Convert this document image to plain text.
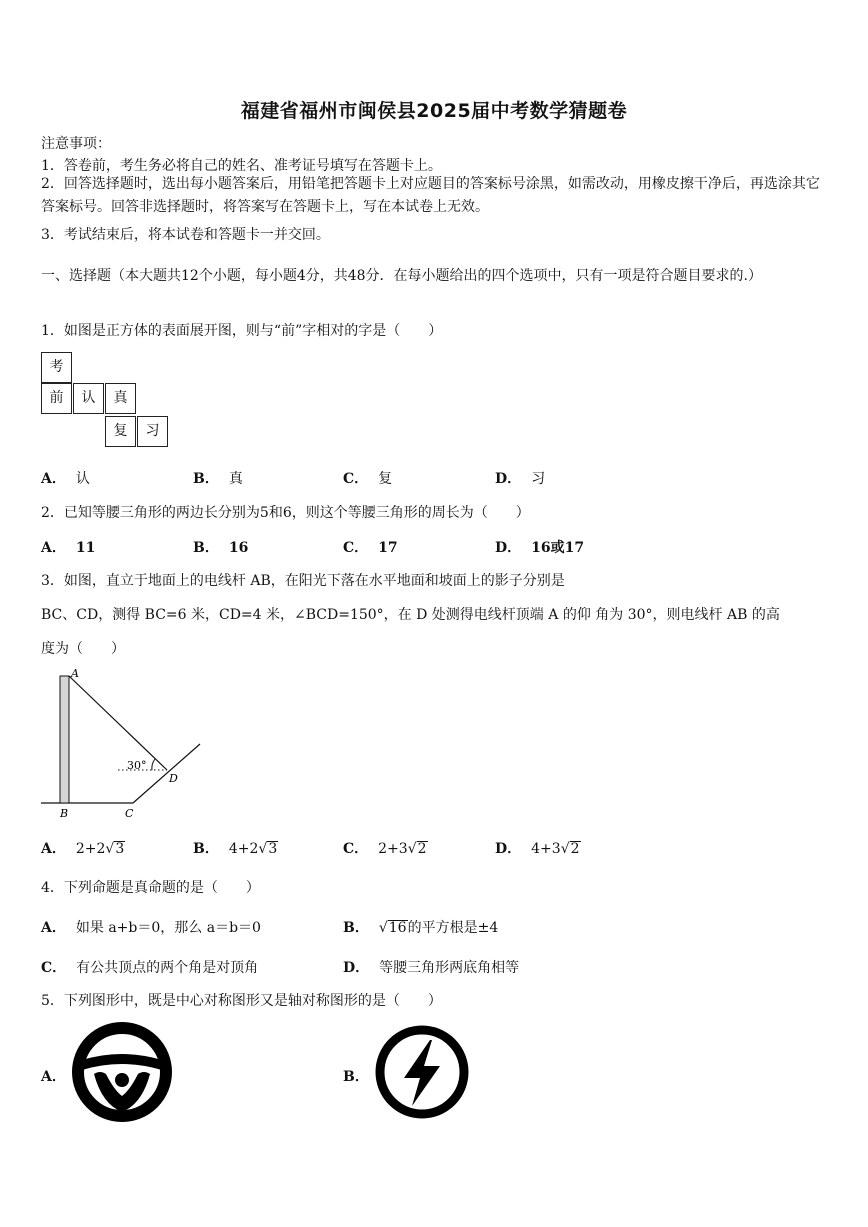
福建省福州市闽侯县2025届中考数学猜题卷
注意事项：
1．答卷前，考生务必将自己的姓名、准考证号填写在答题卡上。
2．回答选择题时，选出每小题答案后，用铅笔把答题卡上对应题目的答案标号涂黑，如需改动，用橡皮擦干净后，再选涂其它答案标号。回答非选择题时，将答案写在答题卡上，写在本试卷上无效。
3．考试结束后，将本试卷和答题卡一并交回。
一、选择题（本大题共12个小题，每小题4分，共48分．在每小题给出的四个选项中，只有一项是符合题目要求的.）
1．如图是正方体的表面展开图，则与“前”字相对的字是（　　）
考
前	认	真
复	习
A． 认	B． 真	C． 复	D． 习
2．已知等腰三角形的两边长分别为5和6，则这个等腰三角形的周长为（　　）
A． 11	B． 16	C． 17	D． 16或17
3．如图，直立于地面上的电线杆 AB，在阳光下落在水平地面和坡面上的影子分别是
BC、CD，测得 BC=6 米，CD=4 米，∠BCD=150°，在 D 处测得电线杆顶端 A 的仰 角为 30°，则电线杆 AB 的高
度为（　　）
A
B	C
D
30°
A． 2+2√3	B． 4+2√3	C． 2+3√2	D． 4+3√2
4．下列命题是真命题的是（　　）
A． 如果 a+b＝0，那么 a＝b＝0	B． √16的平方根是±4
C． 有公共顶点的两个角是对顶角	D． 等腰三角形两底角相等
5．下列图形中，既是中心对称图形又是轴对称图形的是（　　）
A．	B．
